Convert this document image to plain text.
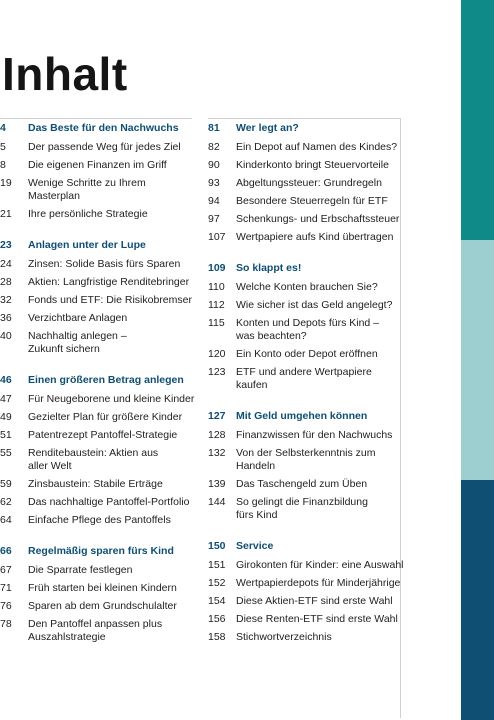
Inhalt
4	Das Beste für den Nachwuchs
5	Der passende Weg für jedes Ziel
8	Die eigenen Finanzen im Griff
19	Wenige Schritte zu Ihrem
Masterplan
21	Ihre persönliche Strategie
23	Anlagen unter der Lupe
24	Zinsen: Solide Basis fürs Sparen
28	Aktien: Langfristige Renditebringer
32	Fonds und ETF: Die Risikobremser
36	Verzichtbare Anlagen
40	Nachhaltig anlegen –
Zukunft sichern
46	Einen größeren Betrag anlegen
47	Für Neugeborene und kleine Kinder
49	Gezielter Plan für größere Kinder
51	Patentrezept Pantoffel-Strategie
55	Renditebaustein: Aktien aus
aller Welt
59	Zinsbaustein: Stabile Erträge
62	Das nachhaltige Pantoffel-Portfolio
64	Einfache Pflege des Pantoffels
66	Regelmäßig sparen fürs Kind
67	Die Sparrate festlegen
71	Früh starten bei kleinen Kindern
76	Sparen ab dem Grundschulalter
78	Den Pantoffel anpassen plus
Auszahlstrategie
81	Wer legt an?
82	Ein Depot auf Namen des Kindes?
90	Kinderkonto bringt Steuervorteile
93	Abgeltungssteuer: Grundregeln
94	Besondere Steuerregeln für ETF
97	Schenkungs- und Erbschaftssteuer
107 Wertpapiere aufs Kind übertragen
109 So klappt es!
110	Welche Konten brauchen Sie?
112	Wie sicher ist das Geld angelegt?
115	Konten und Depots fürs Kind –
was beachten?
120 Ein Konto oder Depot eröffnen
123 ETF und andere Wertpapiere
kaufen
127 Mit Geld umgehen können
128 Finanzwissen für den Nachwuchs
132 Von der Selbsterkenntnis zum
Handeln
139 Das Taschengeld zum Üben
144 So gelingt die Finanzbildung
fürs Kind
150 Service
151 Girokonten für Kinder: eine Auswahl
152 Wertpapierdepots für Minderjährige
154 Diese Aktien-ETF sind erste Wahl
156 Diese Renten-ETF sind erste Wahl
158 Stichwortverzeichnis
